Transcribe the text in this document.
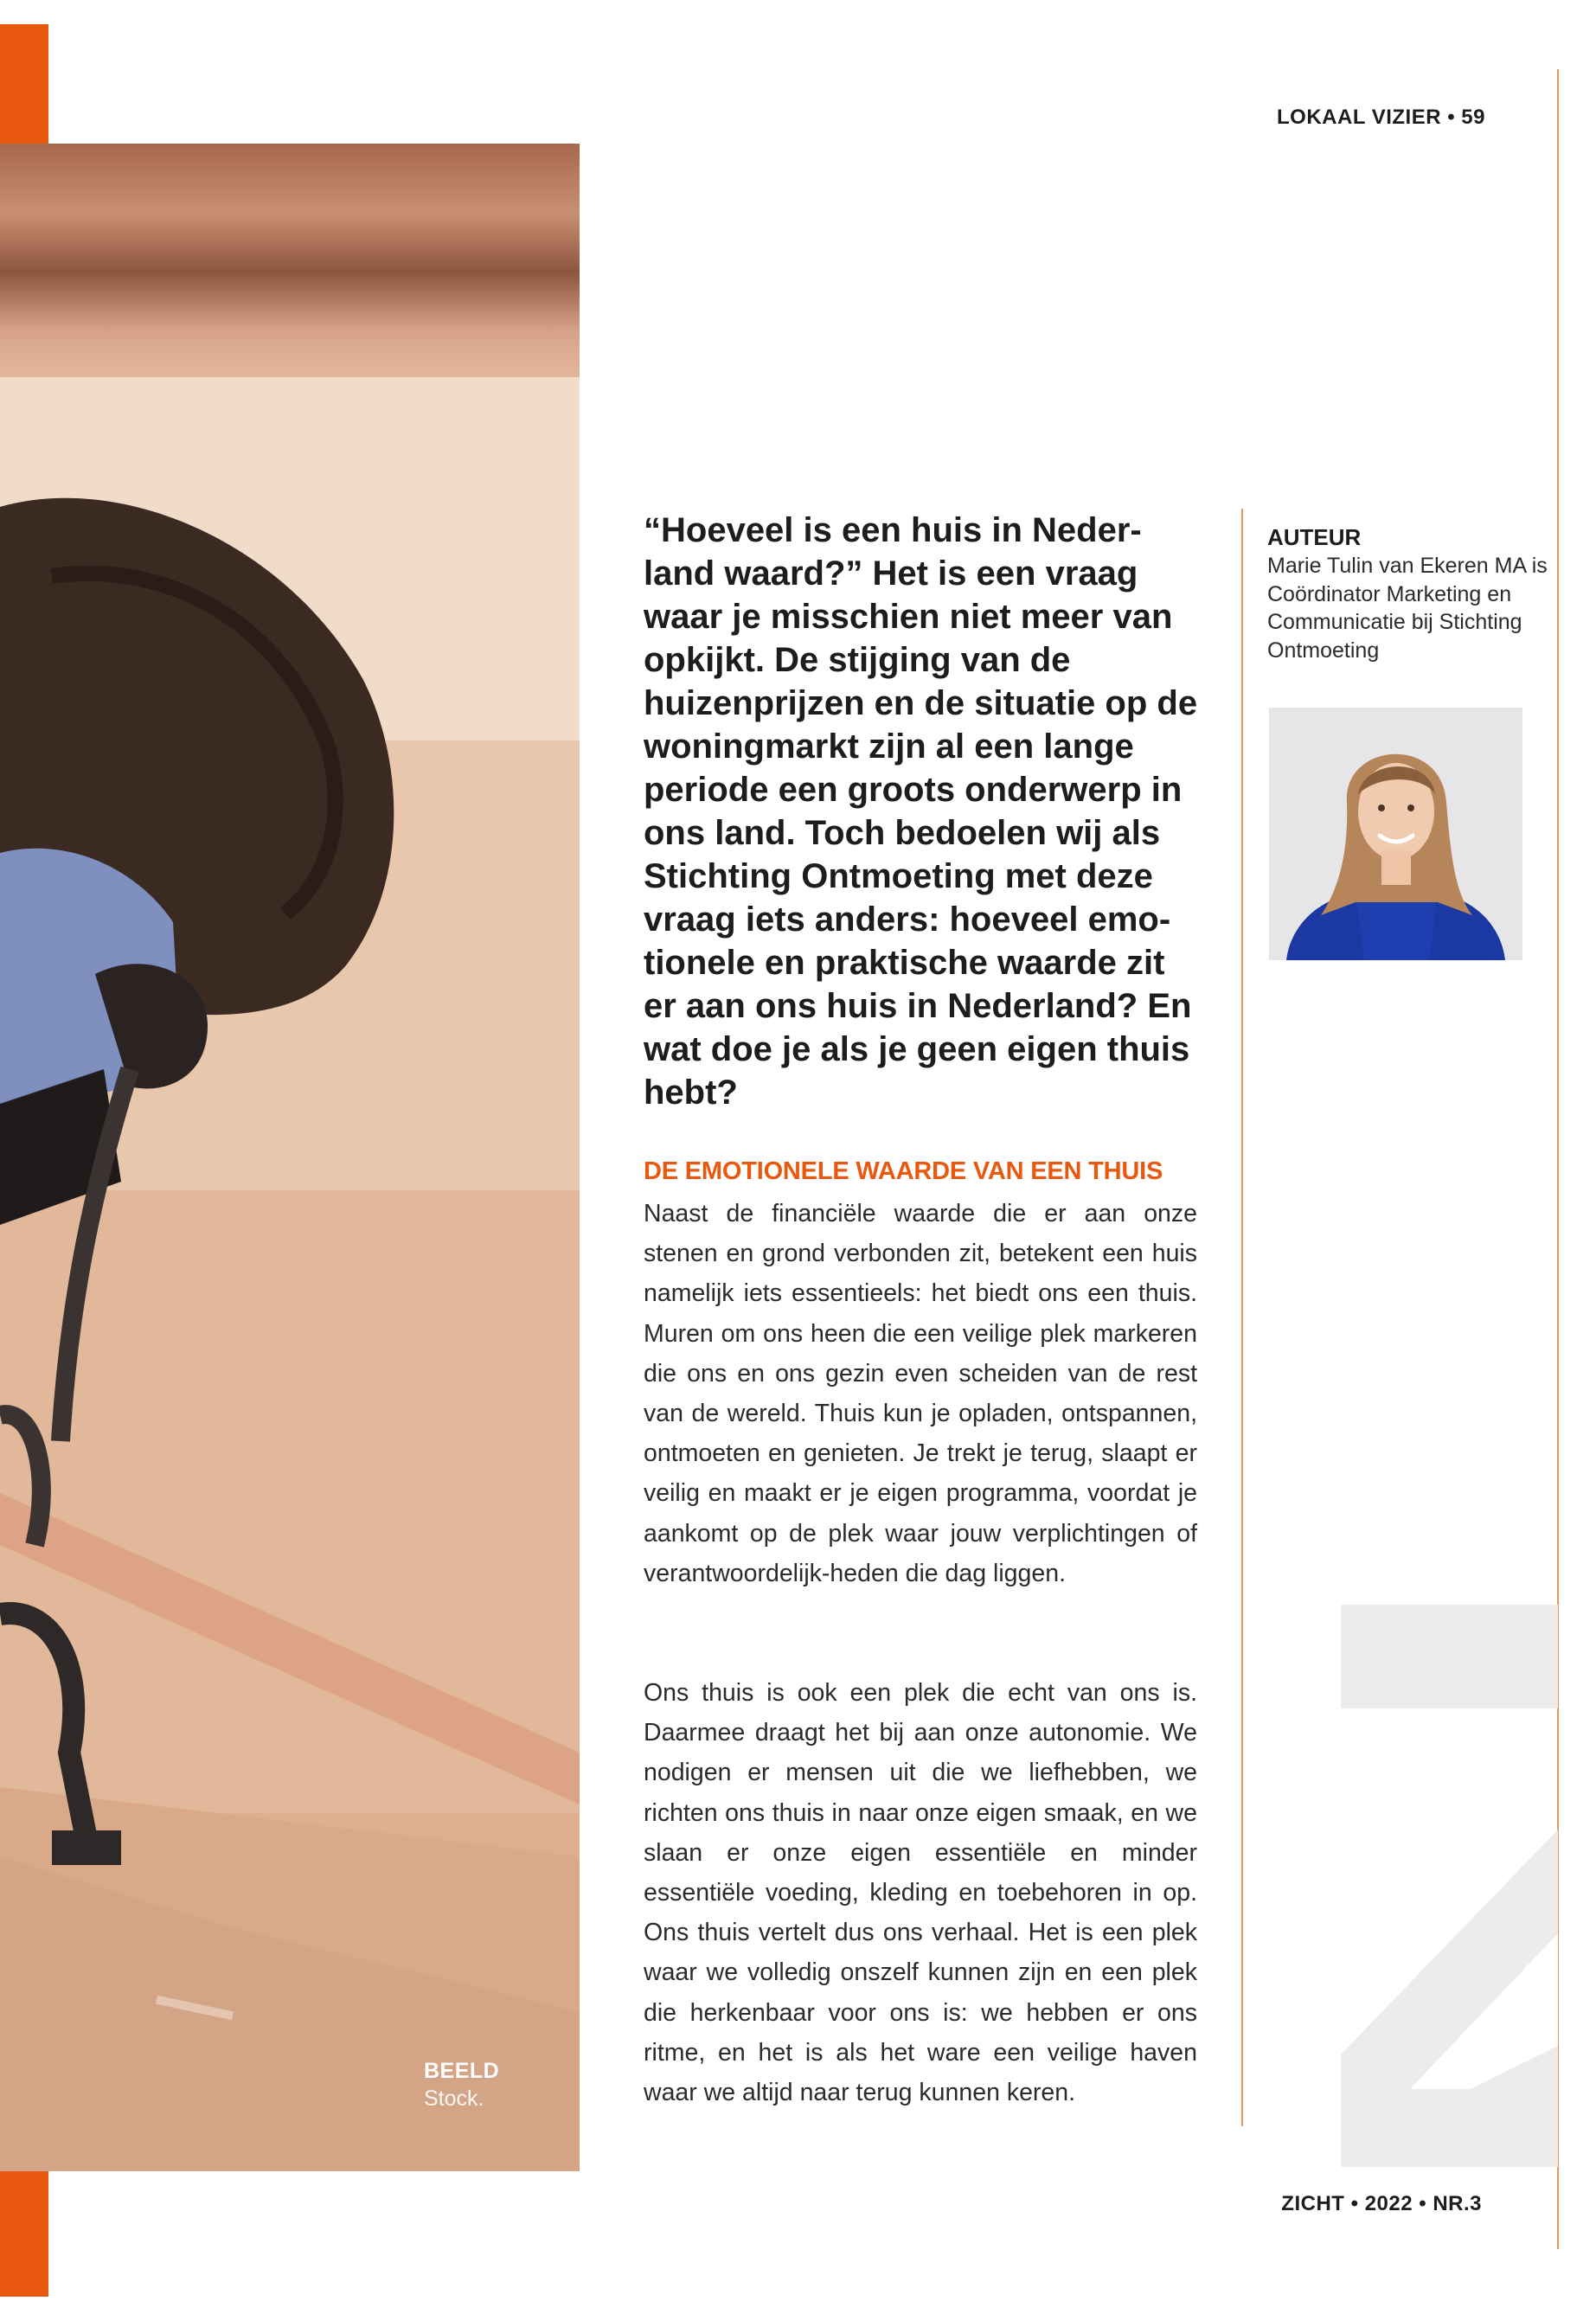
BEELD
Stock.
LOKAAL VIZIER • 59
ZICHT • 2022 • NR.3

“Hoeveel is een huis in Neder-land waard?” Het is een vraag waar je misschien niet meer van opkijkt. De stijging van de huizenprijzen en de situatie op de woningmarkt zijn al een lange periode een groots onderwerp in ons land. Toch bedoelen wij als Stichting Ontmoeting met deze vraag iets anders: hoeveel emo-tionele en praktische waarde zit er aan ons huis in Nederland? En wat doe je als je geen eigen thuis hebt?

DE EMOTIONELE WAARDE VAN EEN THUIS

Naast de financiële waarde die er aan onze stenen en grond verbonden zit, betekent een huis namelijk iets essentieels: het biedt ons een thuis. Muren om ons heen die een veilige plek markeren die ons en ons gezin even scheiden van de rest van de wereld. Thuis kun je opladen, ontspannen, ontmoeten en genieten. Je trekt je terug, slaapt er veilig en maakt er je eigen programma, voordat je aankomt op de plek waar jouw verplichtingen of verantwoordelijk-heden die dag liggen.

Ons thuis is ook een plek die echt van ons is. Daarmee draagt het bij aan onze autonomie. We nodigen er mensen uit die we liefhebben, we richten ons thuis in naar onze eigen smaak, en we slaan er onze eigen essentiële en minder essentiële voeding, kleding en toebehoren in op. Ons thuis vertelt dus ons verhaal. Het is een plek waar we volledig onszelf kunnen zijn en een plek die herkenbaar voor ons is: we hebben er ons ritme, en het is als het ware een veilige haven waar we altijd naar terug kunnen keren.

AUTEUR

Marie Tulin van Ekeren MA is Coördinator Marketing en Communicatie bij Stichting Ontmoeting
